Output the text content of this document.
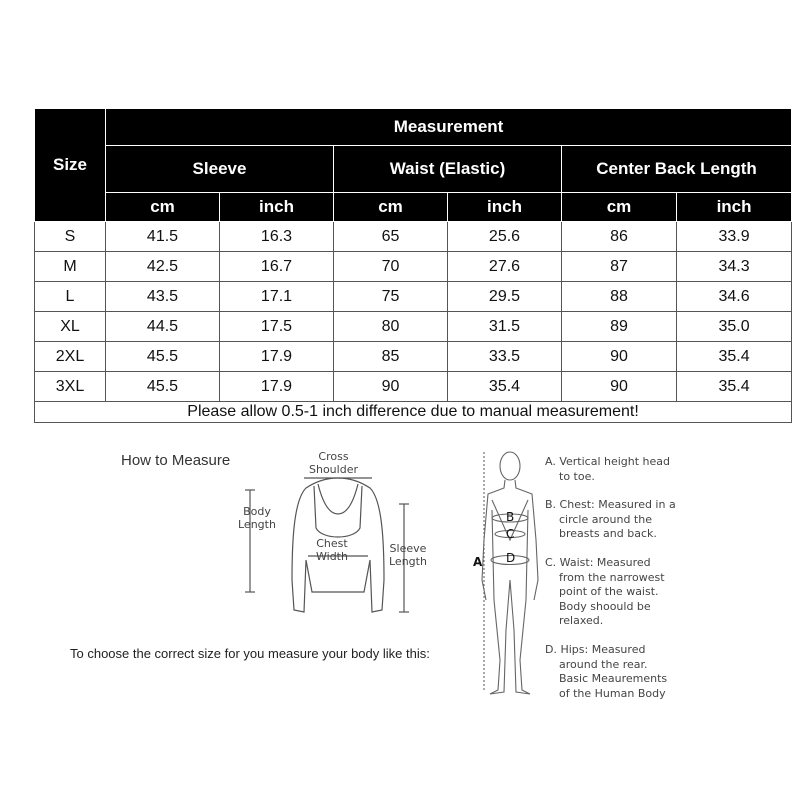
Size	Measurement					
	Sleeve		Waist (Elastic)		Center Back Length	
	cm	inch	cm	inch	cm	inch
S	41.5	16.3	65	25.6	86	33.9
M	42.5	16.7	70	27.6	87	34.3
L	43.5	17.1	75	29.5	88	34.6
XL	44.5	17.5	80	31.5	89	35.0
2XL	45.5	17.9	85	33.5	90	35.4
3XL	45.5	17.9	90	35.4	90	35.4
Please allow 0.5-1 inch difference due to manual measurement!						
How to Measure	Cross
Shoulder
Body
Length
Chest
Width
Sleeve
Length	A
B
C
D
A. Vertical height head
to toe.
B. Chest: Measured in a
circle around the
breasts and back.
C. Waist: Measured
from the narrowest
point of the waist.
Body shoould be
relaxed.
D. Hips: Measured
around the rear.
Basic Meaurements
of the Human Body
To choose the correct size for you measure your body like this:
